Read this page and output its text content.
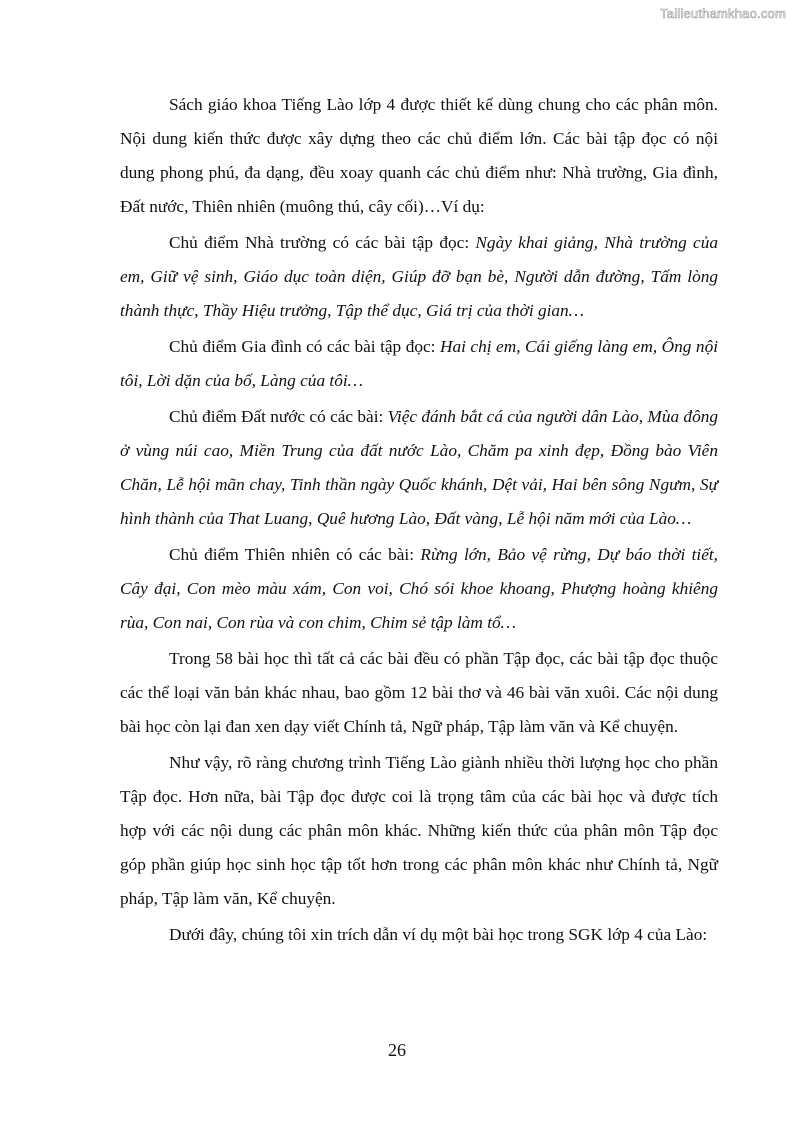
Tailieuthamkhao.com

Sách giáo khoa Tiếng Lào lớp 4 được thiết kế dùng chung cho các phân môn. Nội dung kiến thức được xây dựng theo các chủ điểm lớn. Các bài tập đọc có nội dung phong phú, đa dạng, đều xoay quanh các chủ điểm như: Nhà trường, Gia đình, Đất nước, Thiên nhiên (muông thú, cây cối)…Ví dụ:

Chủ điểm Nhà trường có các bài tập đọc: Ngày khai giảng, Nhà trường của em, Giữ vệ sinh, Giáo dục toàn diện, Giúp đỡ bạn bè, Người dẫn đường, Tấm lòng thành thực, Thầy Hiệu trưởng, Tập thể dục, Giá trị của thời gian…

Chủ điểm Gia đình có các bài tập đọc: Hai chị em, Cái giếng làng em, Ông nội tôi, Lời dặn của bố, Làng của tôi…

Chủ điểm Đất nước có các bài: Việc đánh bắt cá của người dân Lào, Mùa đông ở vùng núi cao, Miền Trung của đất nước Lào, Chăm pa xinh đẹp, Đồng bào Viên Chăn, Lễ hội mãn chay, Tinh thần ngày Quốc khánh, Dệt vải, Hai bên sông Ngưm, Sự hình thành của That Luang, Quê hương Lào, Đất vàng, Lễ hội năm mới của Lào…

Chủ điểm Thiên nhiên có các bài: Rừng lớn, Bảo vệ rừng, Dự báo thời tiết, Cây đại, Con mèo màu xám, Con voi, Chó sói khoe khoang, Phượng hoàng khiêng rùa, Con nai, Con rùa và con chim, Chim sẻ tập làm tổ…

Trong 58 bài học thì tất cả các bài đều có phần Tập đọc, các bài tập đọc thuộc các thể loại văn bản khác nhau, bao gồm 12 bài thơ và 46 bài văn xuôi. Các nội dung bài học còn lại đan xen dạy viết Chính tả, Ngữ pháp, Tập làm văn và Kể chuyện.

Như vậy, rõ ràng chương trình Tiếng Lào giành nhiều thời lượng học cho phần Tập đọc. Hơn nữa, bài Tập đọc được coi là trọng tâm của các bài học và được tích hợp với các nội dung các phân môn khác. Những kiến thức của phân môn Tập đọc góp phần giúp học sinh học tập tốt hơn trong các phân môn khác như Chính tả, Ngữ pháp, Tập làm văn, Kể chuyện.

Dưới đây, chúng tôi xin trích dẫn ví dụ một bài học trong SGK lớp 4 của Lào:

26
